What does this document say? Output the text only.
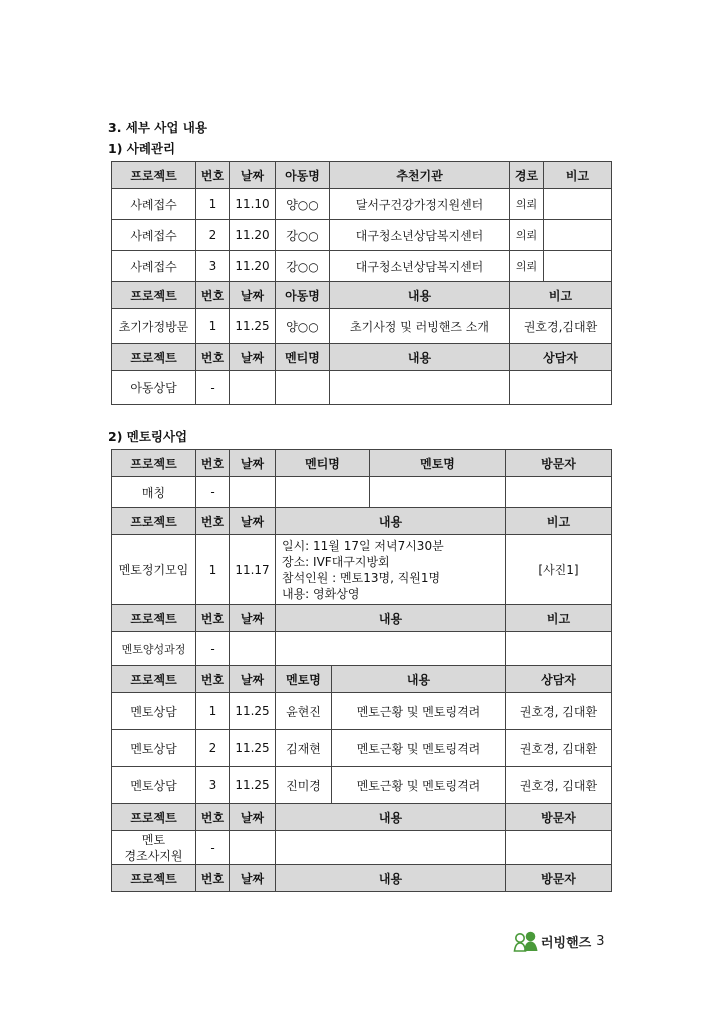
3. 세부 사업 내용
1) 사례관리
프로젝트	번호	날짜	아동명	추천기관	경로	비고
사례접수	1	11.10	양○○	달서구건강가정지원센터	의뢰	
사례접수	2	11.20	강○○	대구청소년상담복지센터	의뢰	
사례접수	3	11.20	강○○	대구청소년상담복지센터	의뢰	
프로젝트	번호	날짜	아동명	내용	비고	
초기가정방문	1	11.25	양○○	초기사정 및 러빙핸즈 소개	권호경,김대환	
프로젝트	번호	날짜	멘티명	내용	상담자	
아동상담	-					
2) 멘토링사업
프로젝트	번호	날짜	멘티명		멘토명	방문자
매칭	-					
프로젝트	번호	날짜	내용			비고
멘토정기모임	1	11.17	일시: 11월 17일 저녁7시30분
장소: IVF대구지방회
참석인원 : 멘토13명, 직원1명
내용: 영화상영			[사진1]
프로젝트	번호	날짜	내용			비고
멘토양성과정	-					
프로젝트	번호	날짜	멘토명	내용		상담자
멘토상담	1	11.25	윤현진	멘토근황 및 멘토링격려		권호경, 김대환
멘토상담	2	11.25	김재현	멘토근황 및 멘토링격려		권호경, 김대환
멘토상담	3	11.25	진미경	멘토근황 및 멘토링격려		권호경, 김대환
프로젝트	번호	날짜	내용			방문자

멘토
경조사지원	-					
프로젝트	번호	날짜	내용			방문자
러빙핸즈 3
